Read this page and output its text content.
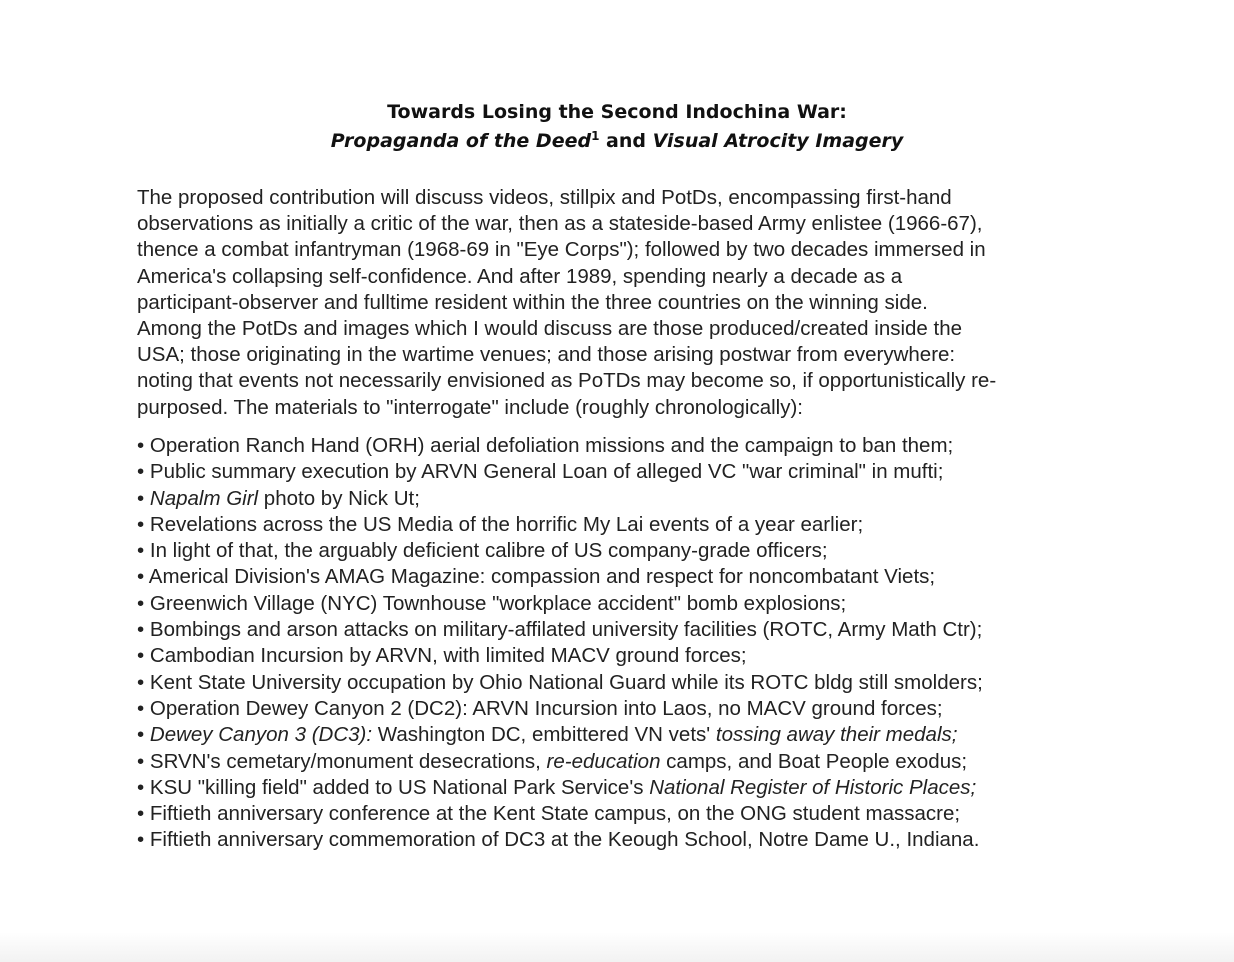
Towards Losing the Second Indochina War:
Propaganda of the Deed$^1$ and Visual Atrocity Imagery
The proposed contribution will discuss videos, stillpix and PotDs, encompassing first-hand
observations as initially a critic of the war, then as a stateside-based Army enlistee (1966-67),
thence a combat infantryman (1968-69 in "Eye Corps"); followed by two decades immersed in
America's collapsing self-confidence. And after 1989, spending nearly a decade as a
participant-observer and fulltime resident within the three countries on the winning side.
Among the PotDs and images which I would discuss are those produced/created inside the
USA; those originating in the wartime venues; and those arising postwar from everywhere:
noting that events not necessarily envisioned as PoTDs may become so, if opportunistically re-
purposed. The materials to "interrogate" include (roughly chronologically):
• Operation Ranch Hand (ORH) aerial defoliation missions and the campaign to ban them;
• Public summary execution by ARVN General Loan of alleged VC "war criminal" in mufti;
• Napalm Girl photo by Nick Ut;
• Revelations across the US Media of the horrific My Lai events of a year earlier;
• In light of that, the arguably deficient calibre of US company-grade officers;
• Americal Division's AMAG Magazine: compassion and respect for noncombatant Viets;
• Greenwich Village (NYC) Townhouse "workplace accident" bomb explosions;
• Bombings and arson attacks on military-affilated university facilities (ROTC, Army Math Ctr);
• Cambodian Incursion by ARVN, with limited MACV ground forces;
• Kent State University occupation by Ohio National Guard while its ROTC bldg still smolders;
• Operation Dewey Canyon 2 (DC2): ARVN Incursion into Laos, no MACV ground forces;
• Dewey Canyon 3 (DC3): Washington DC, embittered VN vets' tossing away their medals;
• SRVN's cemetary/monument desecrations, re-education camps, and Boat People exodus;
• KSU "killing field" added to US National Park Service's National Register of Historic Places;
• Fiftieth anniversary conference at the Kent State campus, on the ONG student massacre;
• Fiftieth anniversary commemoration of DC3 at the Keough School, Notre Dame U., Indiana.
